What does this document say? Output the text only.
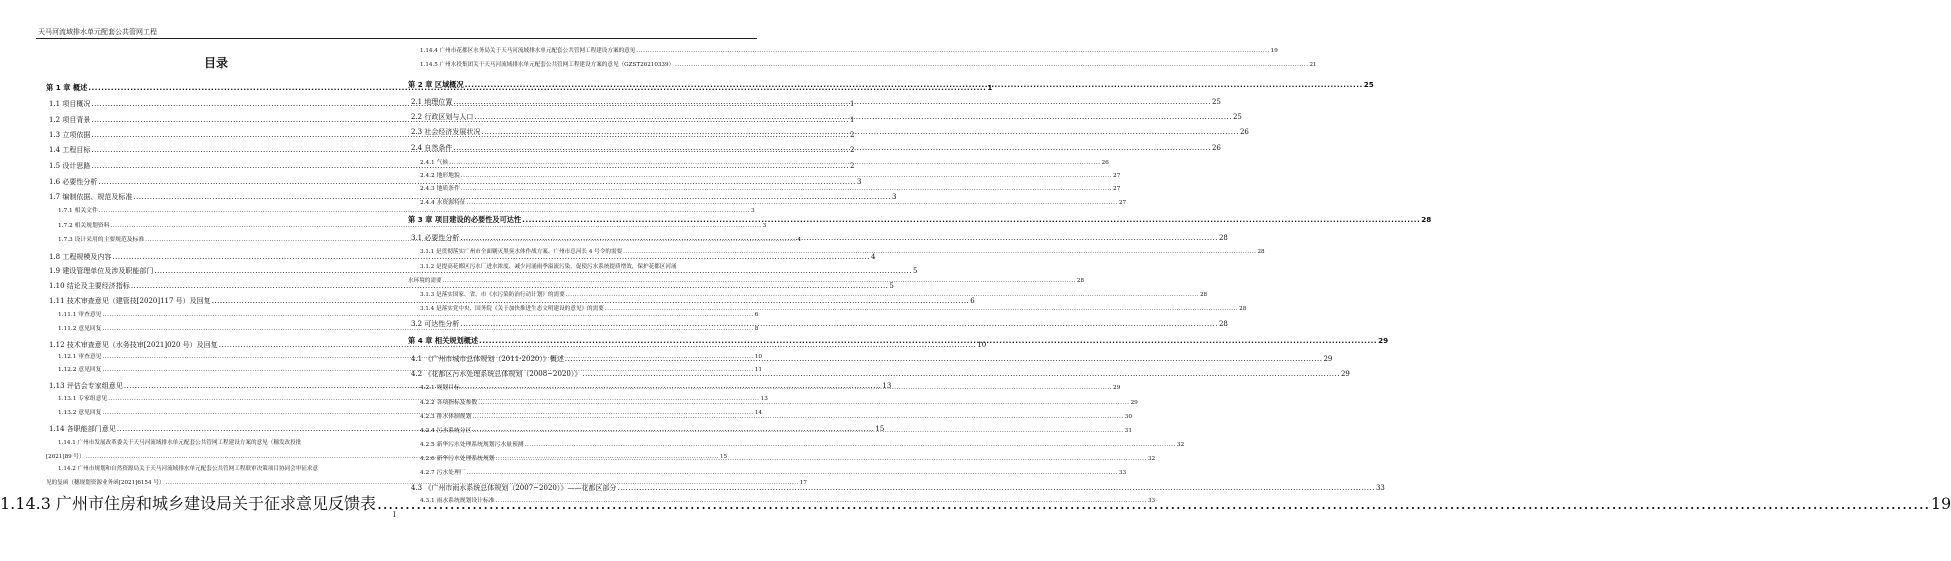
天马河流域排水单元配套公共管网工程
目录
第 1 章 概述 .....	1
1.1 项目概况 .....	1
1.2 项目背景 .....	1
1.3 立项依据 .....	2
1.4 工程目标 .....	2
1.5 设计思路 .....	2
1.6 必要性分析 .....	3
1.7 编制依据、规范及标准 .....	3
1.7.1 相关文件 .....	3
1.7.2 相关规划资料 .....	3
1.7.3 设计采用的主要规范及标准 .....	4
1.8 工程规模及内容 .....	4
1.9 建设管理单位及涉及职能部门 .....	5
1.10 结论及主要经济指标 .....	5
1.11 技术审查意见（建管技[2020]117 号）及回复 .....	6
1.11.1 审查意见 .....	6
1.11.2 意见回复 .....	8
1.12 技术审查意见（水务技审[2021]020 号）及回复 .....	10
1.12.1 审查意见 .....	10
1.12.2 意见回复 .....	11
1.13 评估会专家组意见 .....	13
1.13.1 专家组意见 .....	13
1.13.2 意见回复 .....	14
1.14 各职能部门意见 .....	15
1.14.1 广州市发展改革委关于天马河流域排水单元配套公共管网工程建设方案的意见（穗发改投批
[2021]89 号） .....	15
1.14.2 广州市规划和自然资源局关于天马河流域排水单元配套公共管网工程联审决策项目协同会审征求意
见的复函（穗规划资源业务函[2021]6154 号） .....	17
1.14.3 广州市住房和城乡建设局关于征求意见反馈表 .....	19
1.14.4 广州市花都区水务局关于天马河流域排水单元配套公共管网工程建设方案的意见 .....	19
1.14.5 广州水投集团关于天马河流域排水单元配套公共管网工程建设方案的意见（GZST20210339） .....	21
第 2 章 区域概况 .....	25
2.1 地理位置 .....	25
2.2 行政区划与人口 .....	25
2.3 社会经济发展状况 .....	26
2.4 自然条件 .....	26
2.4.1 气候 .....	26
2.4.2 地形地貌 .....	27
2.4.3 地质条件 .....	27
2.4.4 水资源特征 .....	27
第 3 章 项目建设的必要性及可达性 .....	28
3.1 必要性分析 .....	28
3.1.1 是贯彻落实广州市全面剿灭黑臭水体作战方案、广州市总河长 4 号令的需要 .....	28
3.1.2 是提高花都区污水厂进水浓度、减少河涌雨季溢流污染，促使污水系统提质增效，保护花都区河涌
水环境的需要 .....	28
3.1.3 是落实国家、省、市《水污染防治行动计划》的需要 .....	28
3.1.4 是落实党中央、国务院《关于加快推进生态文明建设的意见》的需要 .....	28
3.2 可达性分析 .....	28
第 4 章 相关规划概述 .....	29
4.1 《广州市城市总体规划（2011-2020）》概述 .....	29
4.2 《花都区污水处理系统总体规划（2008~2020）》 .....	29
4.2.1 规划目标 .....	29
4.2.2 各项指标及参数 .....	29
4.2.3 排水体制规划 .....	30
4.2.4 污水系统分区 .....	31
4.2.5 新华污水处理系统规划污水量预测 .....	32
4.2.6 新华污水处理系统规划 .....	32
4.2.7 污水处理厂 .....	33
4.3 《广州市雨水系统总体规划（2007~2020）》——花都区部分 .....	33
4.3.1 雨水系统规划设计标准 .....	33
I
